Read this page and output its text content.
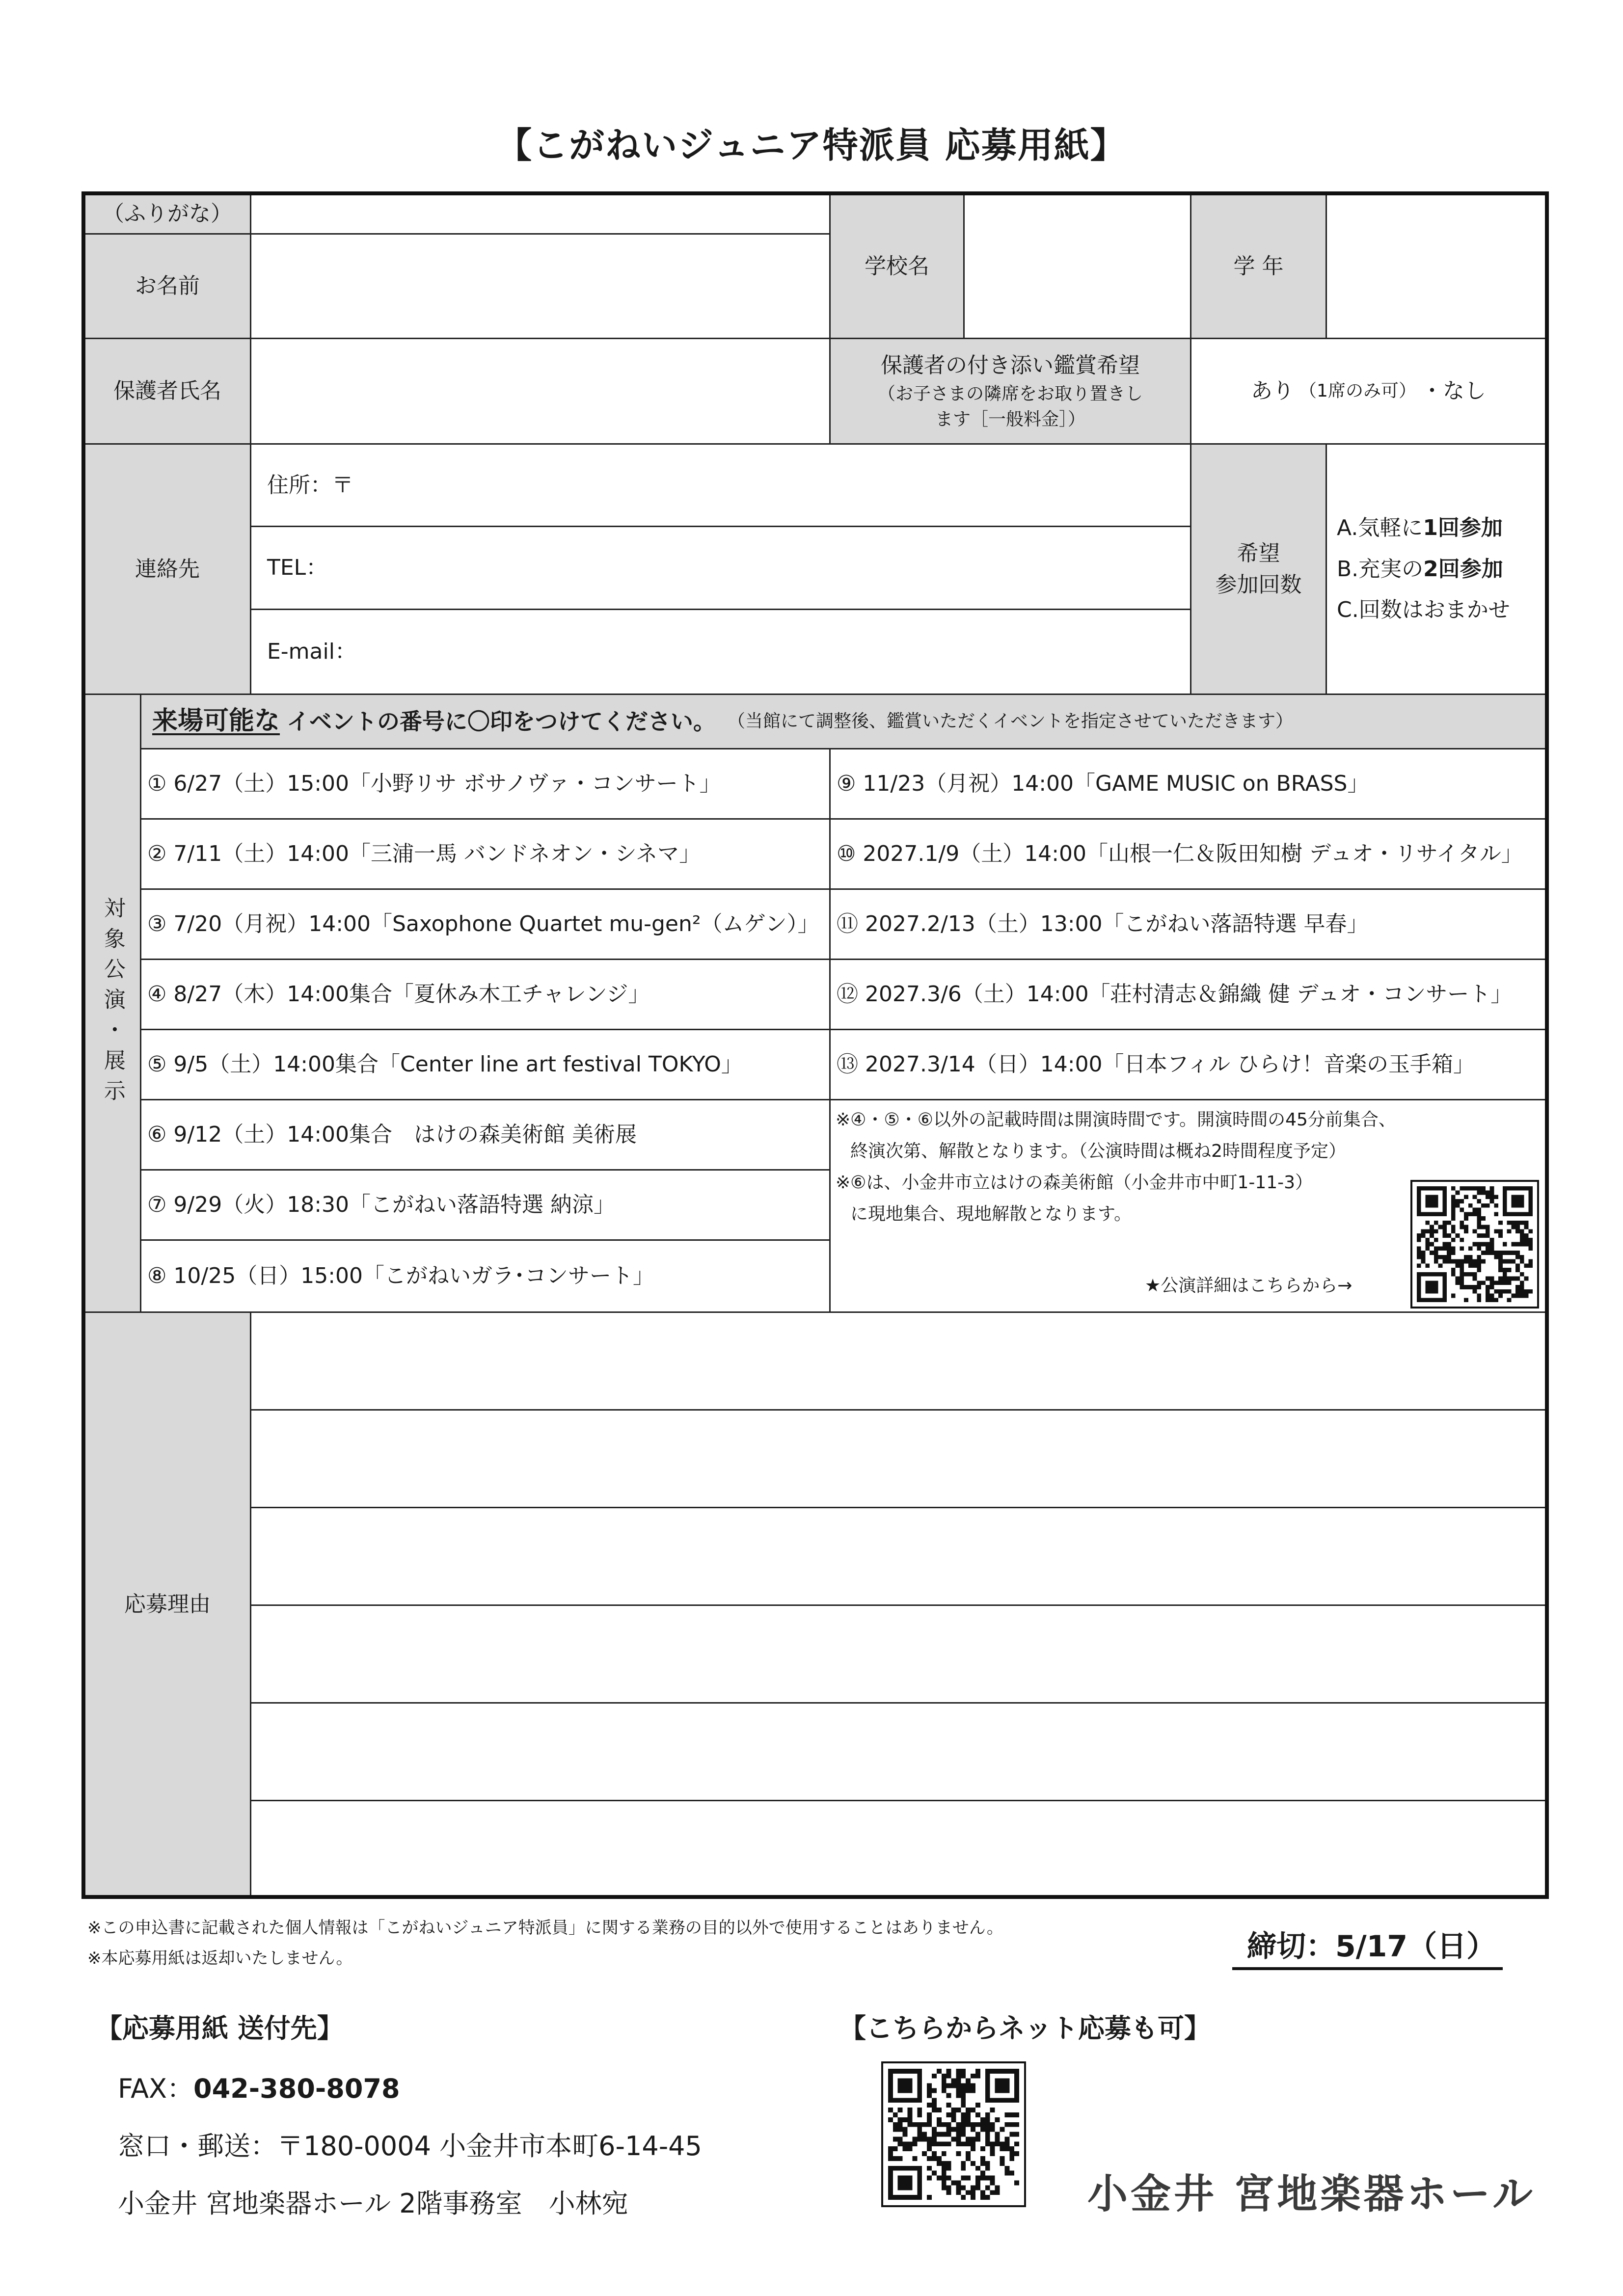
【こがねいジュニア特派員 応募用紙】
（ふりがな）
お名前
学校名	学 年
保護者氏名
保護者の付き添い鑑賞希望
（お子さまの隣席をお取り置きします［一般料金］）
あり （1席のみ可） ・なし
連絡先
住所：〒
TEL：
E-mail：
希望
参加回数
A.気軽に1回参加
B.充実の2回参加
C.回数はおまかせ
対象公演・展示
来場可能な イベントの番号に〇印をつけてください。 （当館にて調整後、鑑賞いただくイベントを指定させていただきます）
① 6/27（土）15:00「小野リサ ボサノヴァ・コンサート」
② 7/11（土）14:00「三浦一馬 バンドネオン・シネマ」
③ 7/20（月祝）14:00「Saxophone Quartet mu-gen²（ムゲン）」
④ 8/27（木）14:00集合「夏休み木工チャレンジ」
⑤ 9/5（土）14:00集合「Center line art festival TOKYO」
⑥ 9/12（土）14:00集合　はけの森美術館 美術展
⑦ 9/29（火）18:30「こがねい落語特選 納涼」
⑧ 10/25（日）15:00「こがねいガラ･コンサート」
⑨ 11/23（月祝）14:00「GAME MUSIC on BRASS」
⑩ 2027.1/9（土）14:00「山根一仁＆阪田知樹 デュオ・リサイタル」
⑪ 2027.2/13（土）13:00「こがねい落語特選 早春」
⑫ 2027.3/6（土）14:00「荘村清志＆錦織 健 デュオ・コンサート」
⑬ 2027.3/14（日）14:00「日本フィル ひらけ！音楽の玉手箱」
※④・⑤・⑥以外の記載時間は開演時間です。開演時間の45分前集合、
終演次第、解散となります。（公演時間は概ね2時間程度予定）
※⑥は、小金井市立はけの森美術館（小金井市中町1-11-3）
に現地集合、現地解散となります。
★公演詳細はこちらから→
応募理由
※この申込書に記載された個人情報は「こがねいジュニア特派員」に関する業務の目的以外で使用することはありません。
※本応募用紙は返却いたしません。	締切：5/17（日）
【応募用紙 送付先】
FAX：042-380-8078
窓口・郵送：〒180-0004 小金井市本町6-14-45
小金井 宮地楽器ホール 2階事務室　小林宛
【こちらからネット応募も可】
小金井 宮地楽器ホール
